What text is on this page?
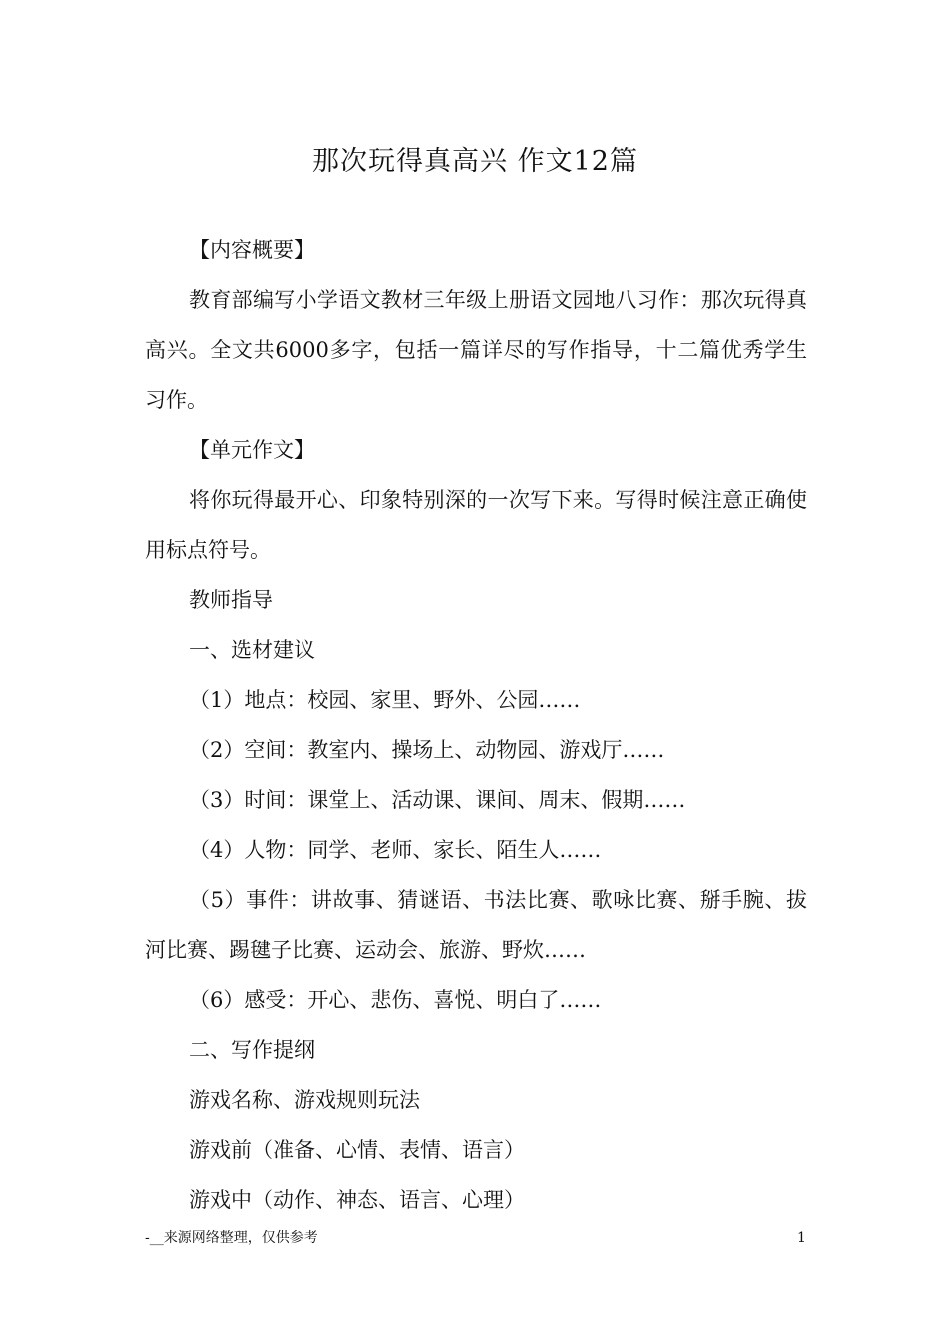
那次玩得真高兴 作文12篇

【内容概要】

教育部编写小学语文教材三年级上册语文园地八习作：那次玩得真高兴。全文共6000多字，包括一篇详尽的写作指导，十二篇优秀学生习作。

【单元作文】

将你玩得最开心、印象特别深的一次写下来。写得时候注意正确使用标点符号。

教师指导

一、选材建议

（1）地点：校园、家里、野外、公园……

（2）空间：教室内、操场上、动物园、游戏厅……

（3）时间：课堂上、活动课、课间、周末、假期……

（4）人物：同学、老师、家长、陌生人……

（5）事件：讲故事、猜谜语、书法比赛、歌咏比赛、掰手腕、拔河比赛、踢毽子比赛、运动会、旅游、野炊……

（6）感受：开心、悲伤、喜悦、明白了……

二、写作提纲

游戏名称、游戏规则玩法

游戏前（准备、心情、表情、语言）

游戏中（动作、神态、语言、心理）

-__来源网络整理，仅供参考	1
